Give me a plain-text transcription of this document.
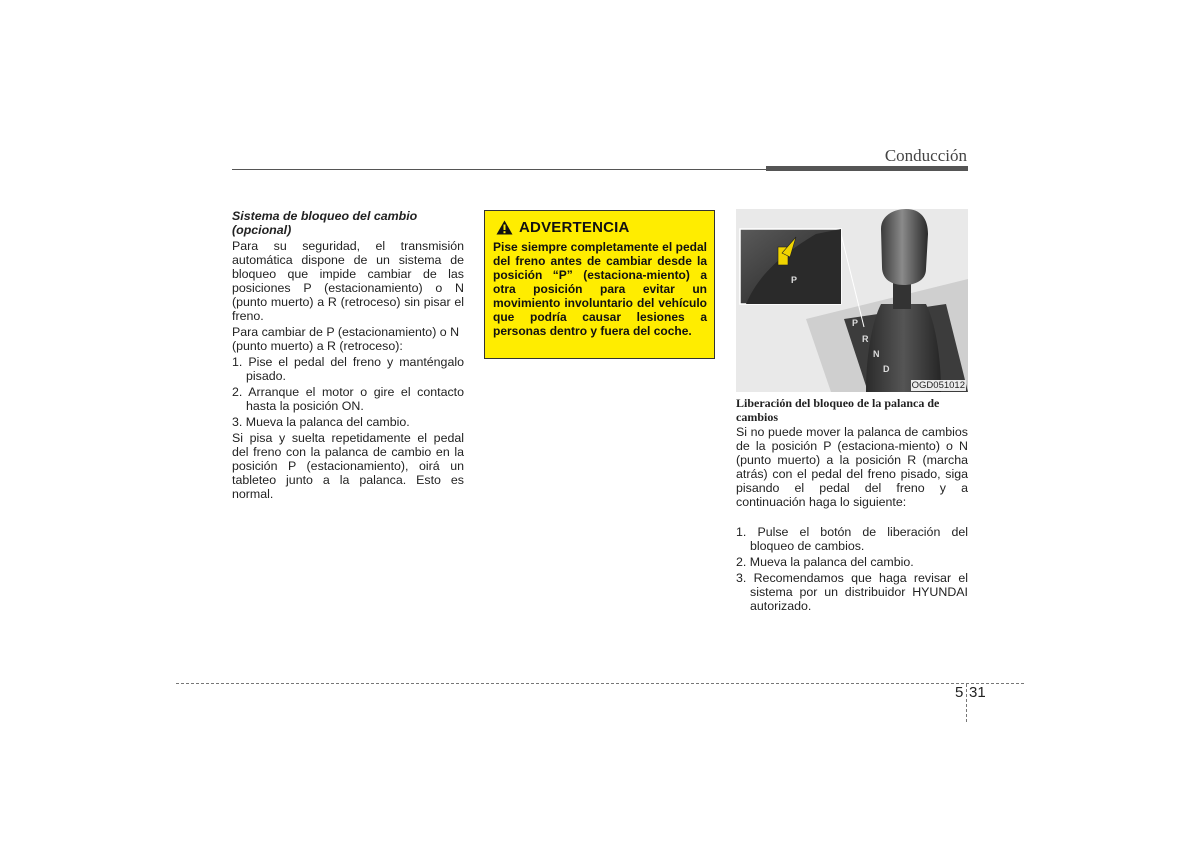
Conducción

Sistema de bloqueo del cambio (opcional)

Para su seguridad, el transmisión automática dispone de un sistema de bloqueo que impide cambiar de las posiciones P (estacionamiento) o N (punto muerto) a R (retroceso) sin pisar el freno.

Para cambiar de P (estacionamiento) o N (punto muerto) a R (retroceso):

1. Pise el pedal del freno y manténgalo pisado.
2. Arranque el motor o gire el contacto hasta la posición ON.
3. Mueva la palanca del cambio.

Si pisa y suelta repetidamente el pedal del freno con la palanca de cambio en la posición P (estacionamiento), oirá un tableteo junto a la palanca. Esto es normal.

ADVERTENCIA

Pise siempre completamente el pedal del freno antes de cambiar desde la posición “P” (estaciona-miento) a otra posición para evitar un movimiento involuntario del vehículo que podría causar lesiones a personas dentro y fuera del coche.

P
R
N
D
P
OGD051012

Liberación del bloqueo de la palanca de cambios

Si no puede mover la palanca de cambios de la posición P (estaciona-miento) o N (punto muerto) a la posición R (marcha atrás) con el pedal del freno pisado, siga pisando el pedal del freno y a continuación haga lo siguiente:

1. Pulse el botón de liberación del bloqueo de cambios.
2. Mueva la palanca del cambio.
3. Recomendamos que haga revisar el sistema por un distribuidor HYUNDAI autorizado.
5 31
